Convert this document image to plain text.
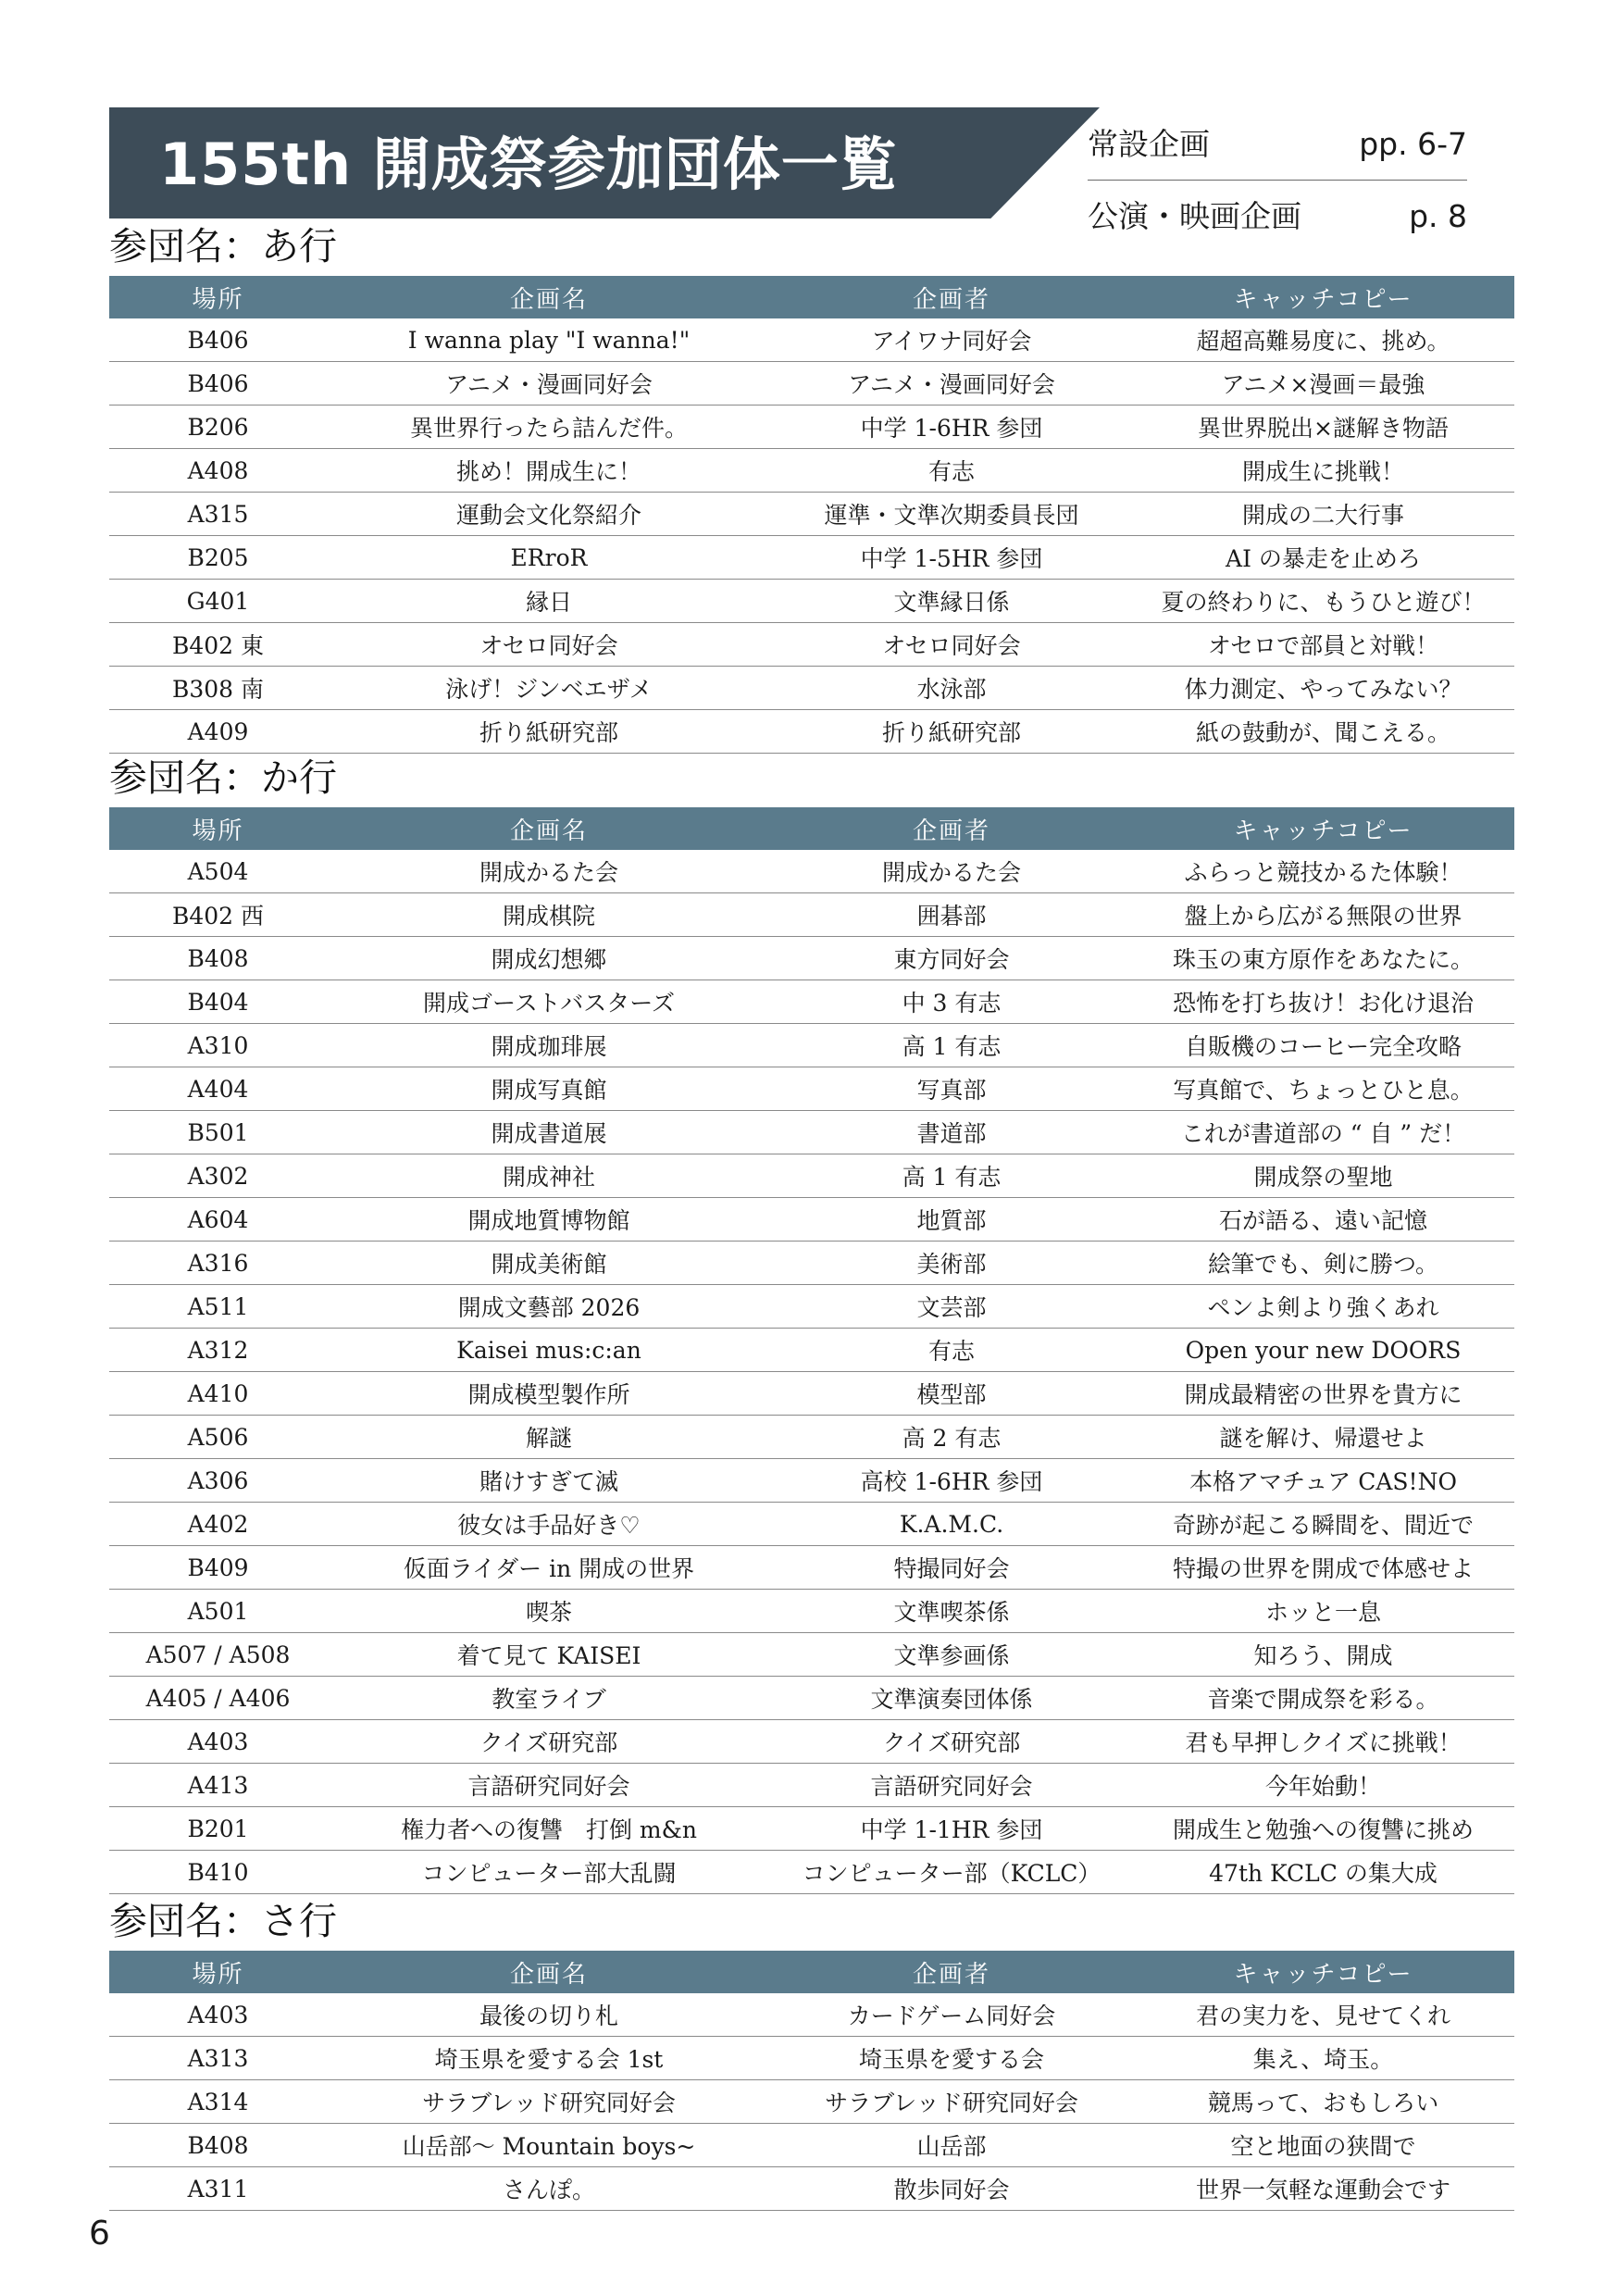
155th 開成祭参加団体一覧	常設企画	pp. 6-7
公演・映画企画	p. 8
参団名：あ行
場所	企画名	企画者	キャッチコピー
B406	I wanna play "I wanna!"	アイワナ同好会	超超高難易度に、挑め。
B406	アニメ・漫画同好会	アニメ・漫画同好会	アニメ×漫画＝最強
B206	異世界行ったら詰んだ件。	中学 1-6HR 参団	異世界脱出×謎解き物語
A408	挑め！開成生に！	有志	開成生に挑戦！
A315	運動会文化祭紹介	運準・文準次期委員長団	開成の二大行事
B205	ERroR	中学 1-5HR 参団	AI の暴走を止めろ
G401	縁日	文準縁日係	夏の終わりに、もうひと遊び！
B402 東	オセロ同好会	オセロ同好会	オセロで部員と対戦！
B308 南	泳げ！ジンベエザメ	水泳部	体力測定、やってみない？
A409	折り紙研究部	折り紙研究部	紙の鼓動が、聞こえる。
参団名：か行
場所	企画名	企画者	キャッチコピー
A504	開成かるた会	開成かるた会	ふらっと競技かるた体験！
B402 西	開成棋院	囲碁部	盤上から広がる無限の世界
B408	開成幻想郷	東方同好会	珠玉の東方原作をあなたに。
B404	開成ゴーストバスターズ	中 3 有志	恐怖を打ち抜け！お化け退治
A310	開成珈琲展	高 1 有志	自販機のコーヒー完全攻略
A404	開成写真館	写真部	写真館で、ちょっとひと息。
B501	開成書道展	書道部	これが書道部の “ 自 ” だ！
A302	開成神社	高 1 有志	開成祭の聖地
A604	開成地質博物館	地質部	石が語る、遠い記憶
A316	開成美術館	美術部	絵筆でも、剣に勝つ。
A511	開成文藝部 2026	文芸部	ペンよ剣より強くあれ
A312	Kaisei mus:c:an	有志	Open your new DOORS
A410	開成模型製作所	模型部	開成最精密の世界を貴方に
A506	解謎	高 2 有志	謎を解け、帰還せよ
A306	賭けすぎて滅	高校 1-6HR 参団	本格アマチュア CAS!NO
A402	彼女は手品好き♡	K.A.M.C.	奇跡が起こる瞬間を、間近で
B409	仮面ライダー in 開成の世界	特撮同好会	特撮の世界を開成で体感せよ
A501	喫茶	文準喫茶係	ホッと一息
A507 / A508	着て見て KAISEI	文準参画係	知ろう、開成
A405 / A406	教室ライブ	文準演奏団体係	音楽で開成祭を彩る。
A403	クイズ研究部	クイズ研究部	君も早押しクイズに挑戦！
A413	言語研究同好会	言語研究同好会	今年始動！
B201	権力者への復讐　打倒 m&n	中学 1-1HR 参団	開成生と勉強への復讐に挑め
B410	コンピューター部大乱闘	コンピューター部（KCLC）	47th KCLC の集大成
参団名：さ行
場所	企画名	企画者	キャッチコピー
A403	最後の切り札	カードゲーム同好会	君の実力を、見せてくれ
A313	埼玉県を愛する会 1st	埼玉県を愛する会	集え、埼玉。
A314	サラブレッド研究同好会	サラブレッド研究同好会	競馬って、おもしろい
B408	山岳部〜 Mountain boys~	山岳部	空と地面の狭間で
A311	さんぽ。	散歩同好会	世界一気軽な運動会です
6
